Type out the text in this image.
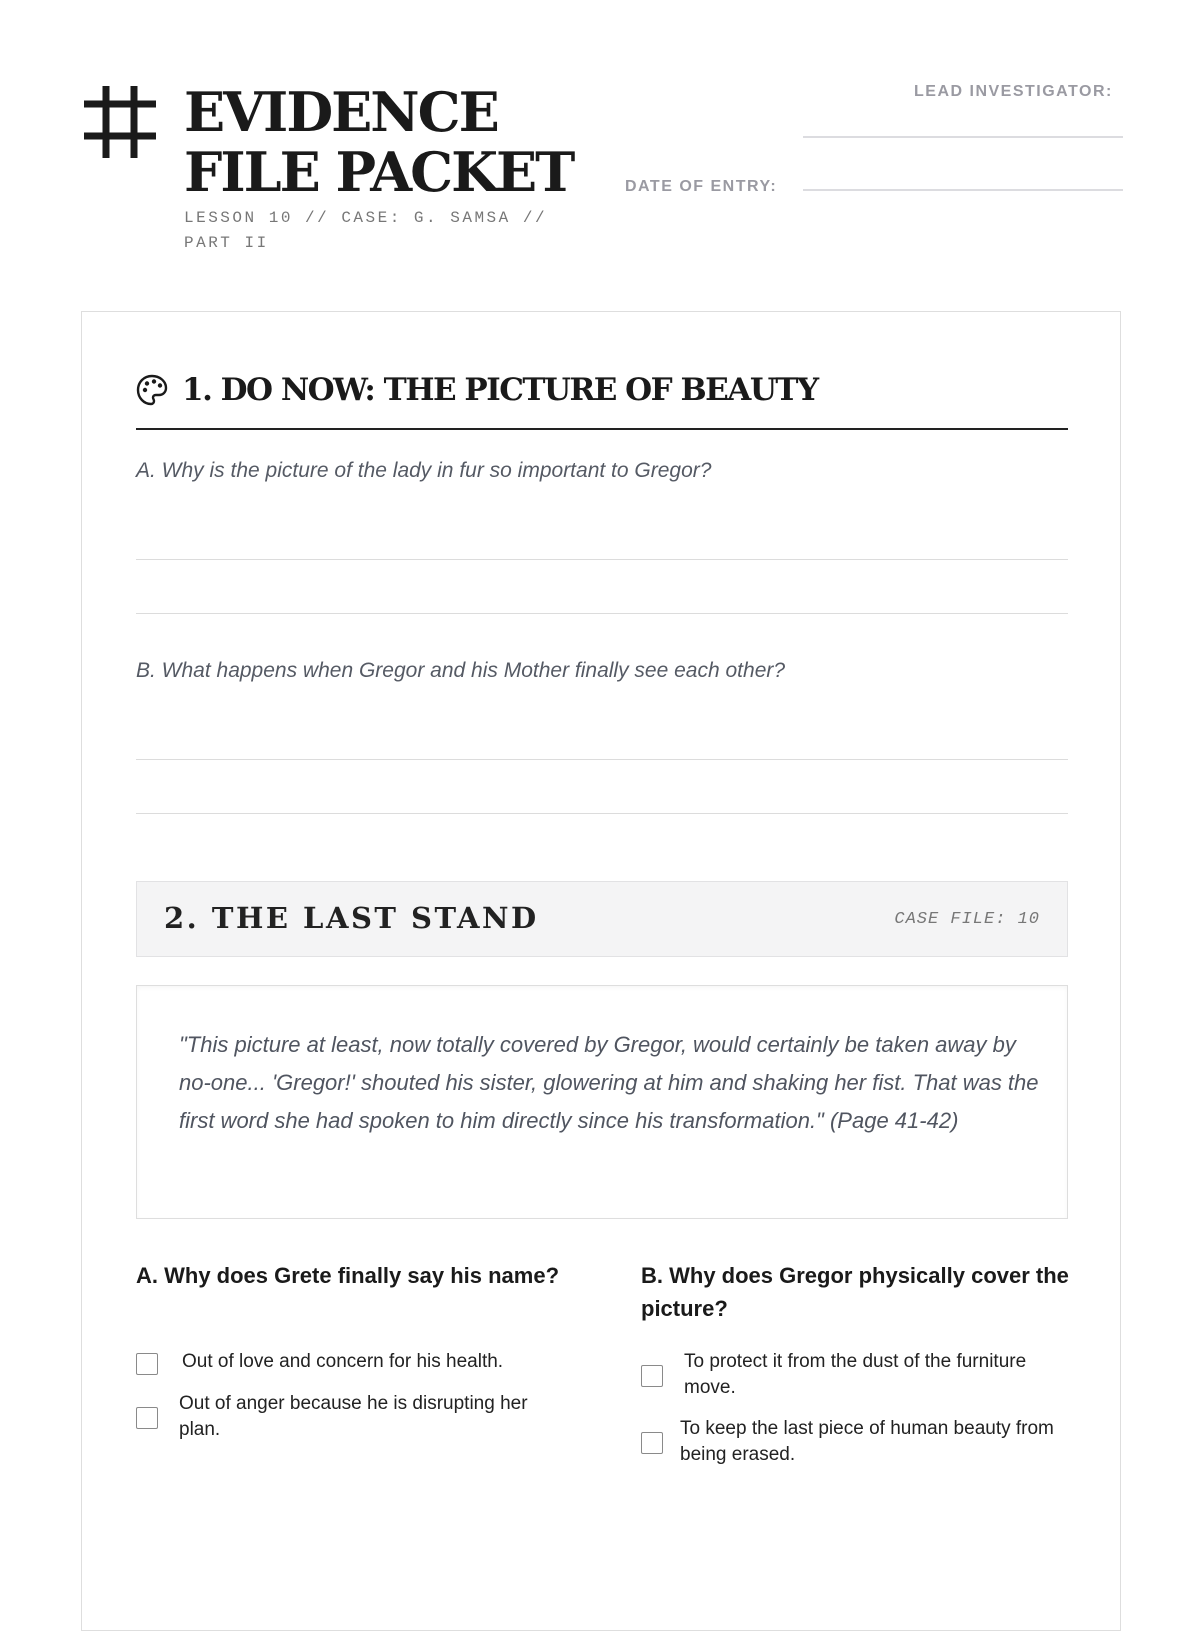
EVIDENCE FILE PACKET
LESSON 10 // CASE: G. SAMSA // PART II
LEAD INVESTIGATOR:
DATE OF ENTRY:
1. DO NOW: THE PICTURE OF BEAUTY
A. Why is the picture of the lady in fur so important to Gregor?
B. What happens when Gregor and his Mother finally see each other?
2. THE LAST STAND	CASE FILE: 10
"This picture at least, now totally covered by Gregor, would certainly be taken away by no-one... 'Gregor!' shouted his sister, glowering at him and shaking her fist. That was the first word she had spoken to him directly since his transformation." (Page 41-42)
A. Why does Grete finally say his name?
Out of love and concern for his health.
Out of anger because he is disrupting her plan.
B. Why does Gregor physically cover the picture?
To protect it from the dust of the furniture move.
To keep the last piece of human beauty from being erased.
